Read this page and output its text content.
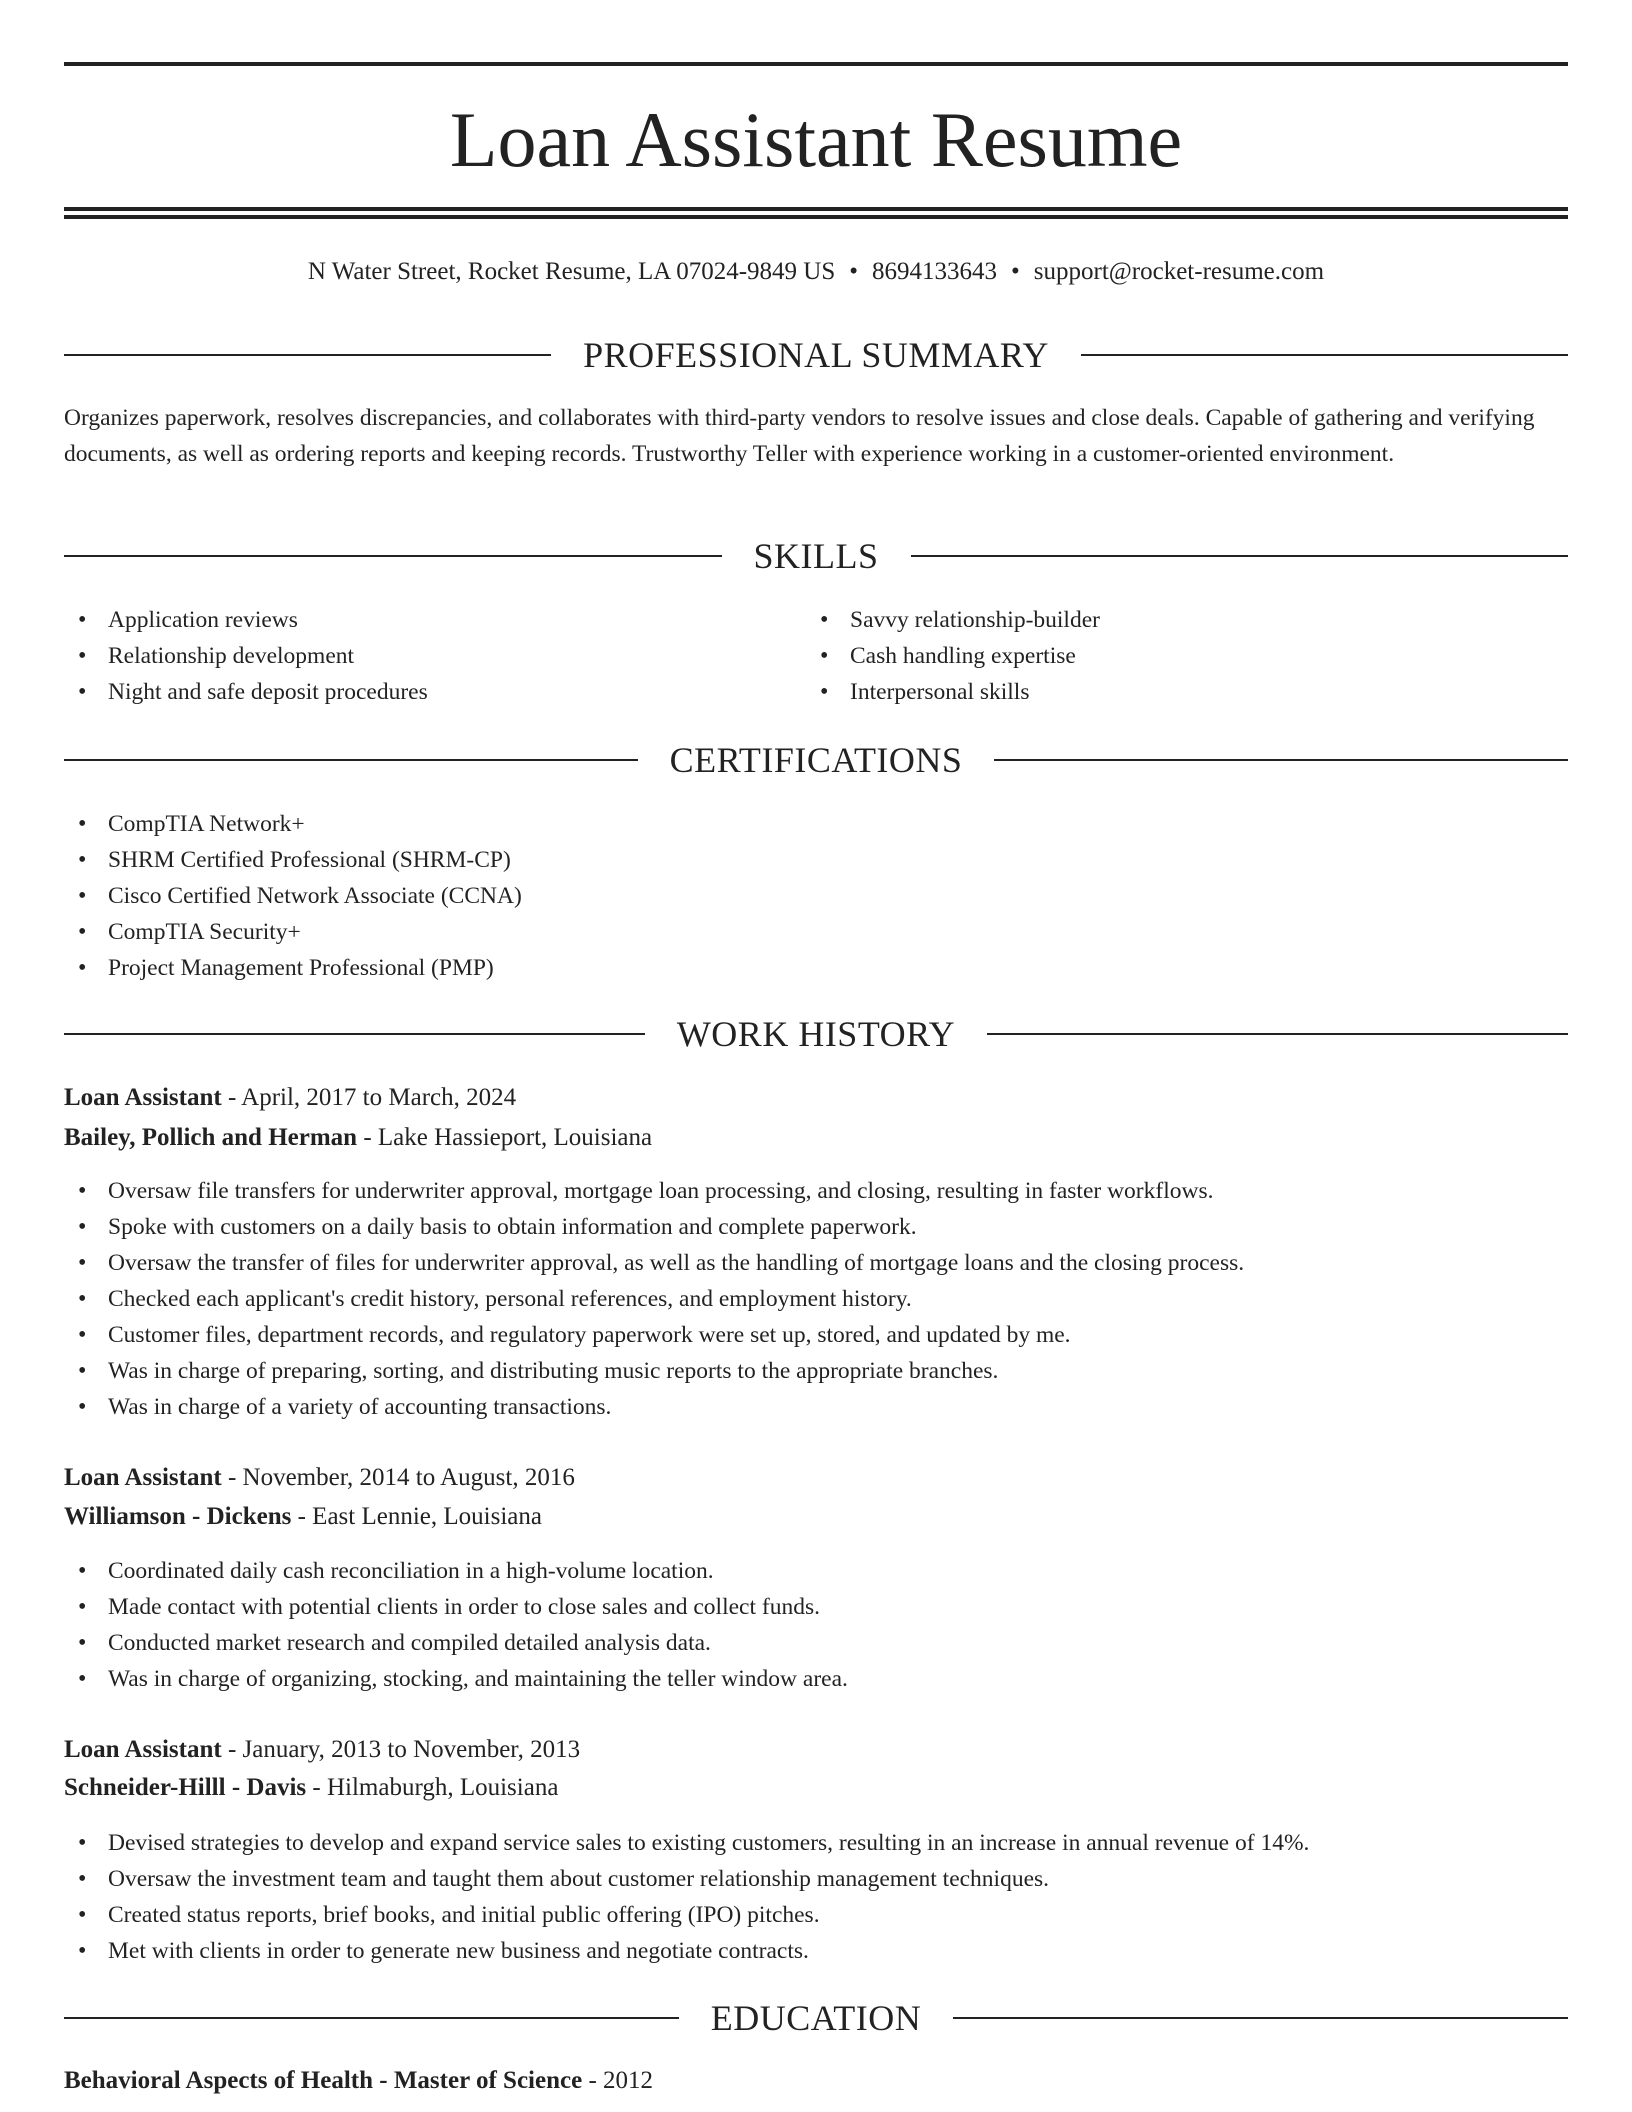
Loan Assistant Resume
N Water Street, Rocket Resume, LA 07024-9849 US • 8694133643 • support@rocket-resume.com
PROFESSIONAL SUMMARY

Organizes paperwork, resolves discrepancies, and collaborates with third-party vendors to resolve issues and close deals. Capable of gathering and verifying documents, as well as ordering reports and keeping records. Trustworthy Teller with experience working in a customer-oriented environment.

SKILLS
• Application reviews
• Relationship development
• Night and safe deposit procedures
• Savvy relationship-builder
• Cash handling expertise
• Interpersonal skills
CERTIFICATIONS
• CompTIA Network+
• SHRM Certified Professional (SHRM-CP)
• Cisco Certified Network Associate (CCNA)
• CompTIA Security+
• Project Management Professional (PMP)
WORK HISTORY
Loan Assistant - April, 2017 to March, 2024
Bailey, Pollich and Herman - Lake Hassieport, Louisiana
• Oversaw file transfers for underwriter approval, mortgage loan processing, and closing, resulting in faster workflows.
• Spoke with customers on a daily basis to obtain information and complete paperwork.
• Oversaw the transfer of files for underwriter approval, as well as the handling of mortgage loans and the closing process.
• Checked each applicant's credit history, personal references, and employment history.
• Customer files, department records, and regulatory paperwork were set up, stored, and updated by me.
• Was in charge of preparing, sorting, and distributing music reports to the appropriate branches.
• Was in charge of a variety of accounting transactions.
Loan Assistant - November, 2014 to August, 2016
Williamson - Dickens - East Lennie, Louisiana
• Coordinated daily cash reconciliation in a high-volume location.
• Made contact with potential clients in order to close sales and collect funds.
• Conducted market research and compiled detailed analysis data.
• Was in charge of organizing, stocking, and maintaining the teller window area.
Loan Assistant - January, 2013 to November, 2013
Schneider-Hilll - Davis - Hilmaburgh, Louisiana
• Devised strategies to develop and expand service sales to existing customers, resulting in an increase in annual revenue of 14%.
• Oversaw the investment team and taught them about customer relationship management techniques.
• Created status reports, brief books, and initial public offering (IPO) pitches.
• Met with clients in order to generate new business and negotiate contracts.
EDUCATION
Behavioral Aspects of Health - Master of Science - 2012
